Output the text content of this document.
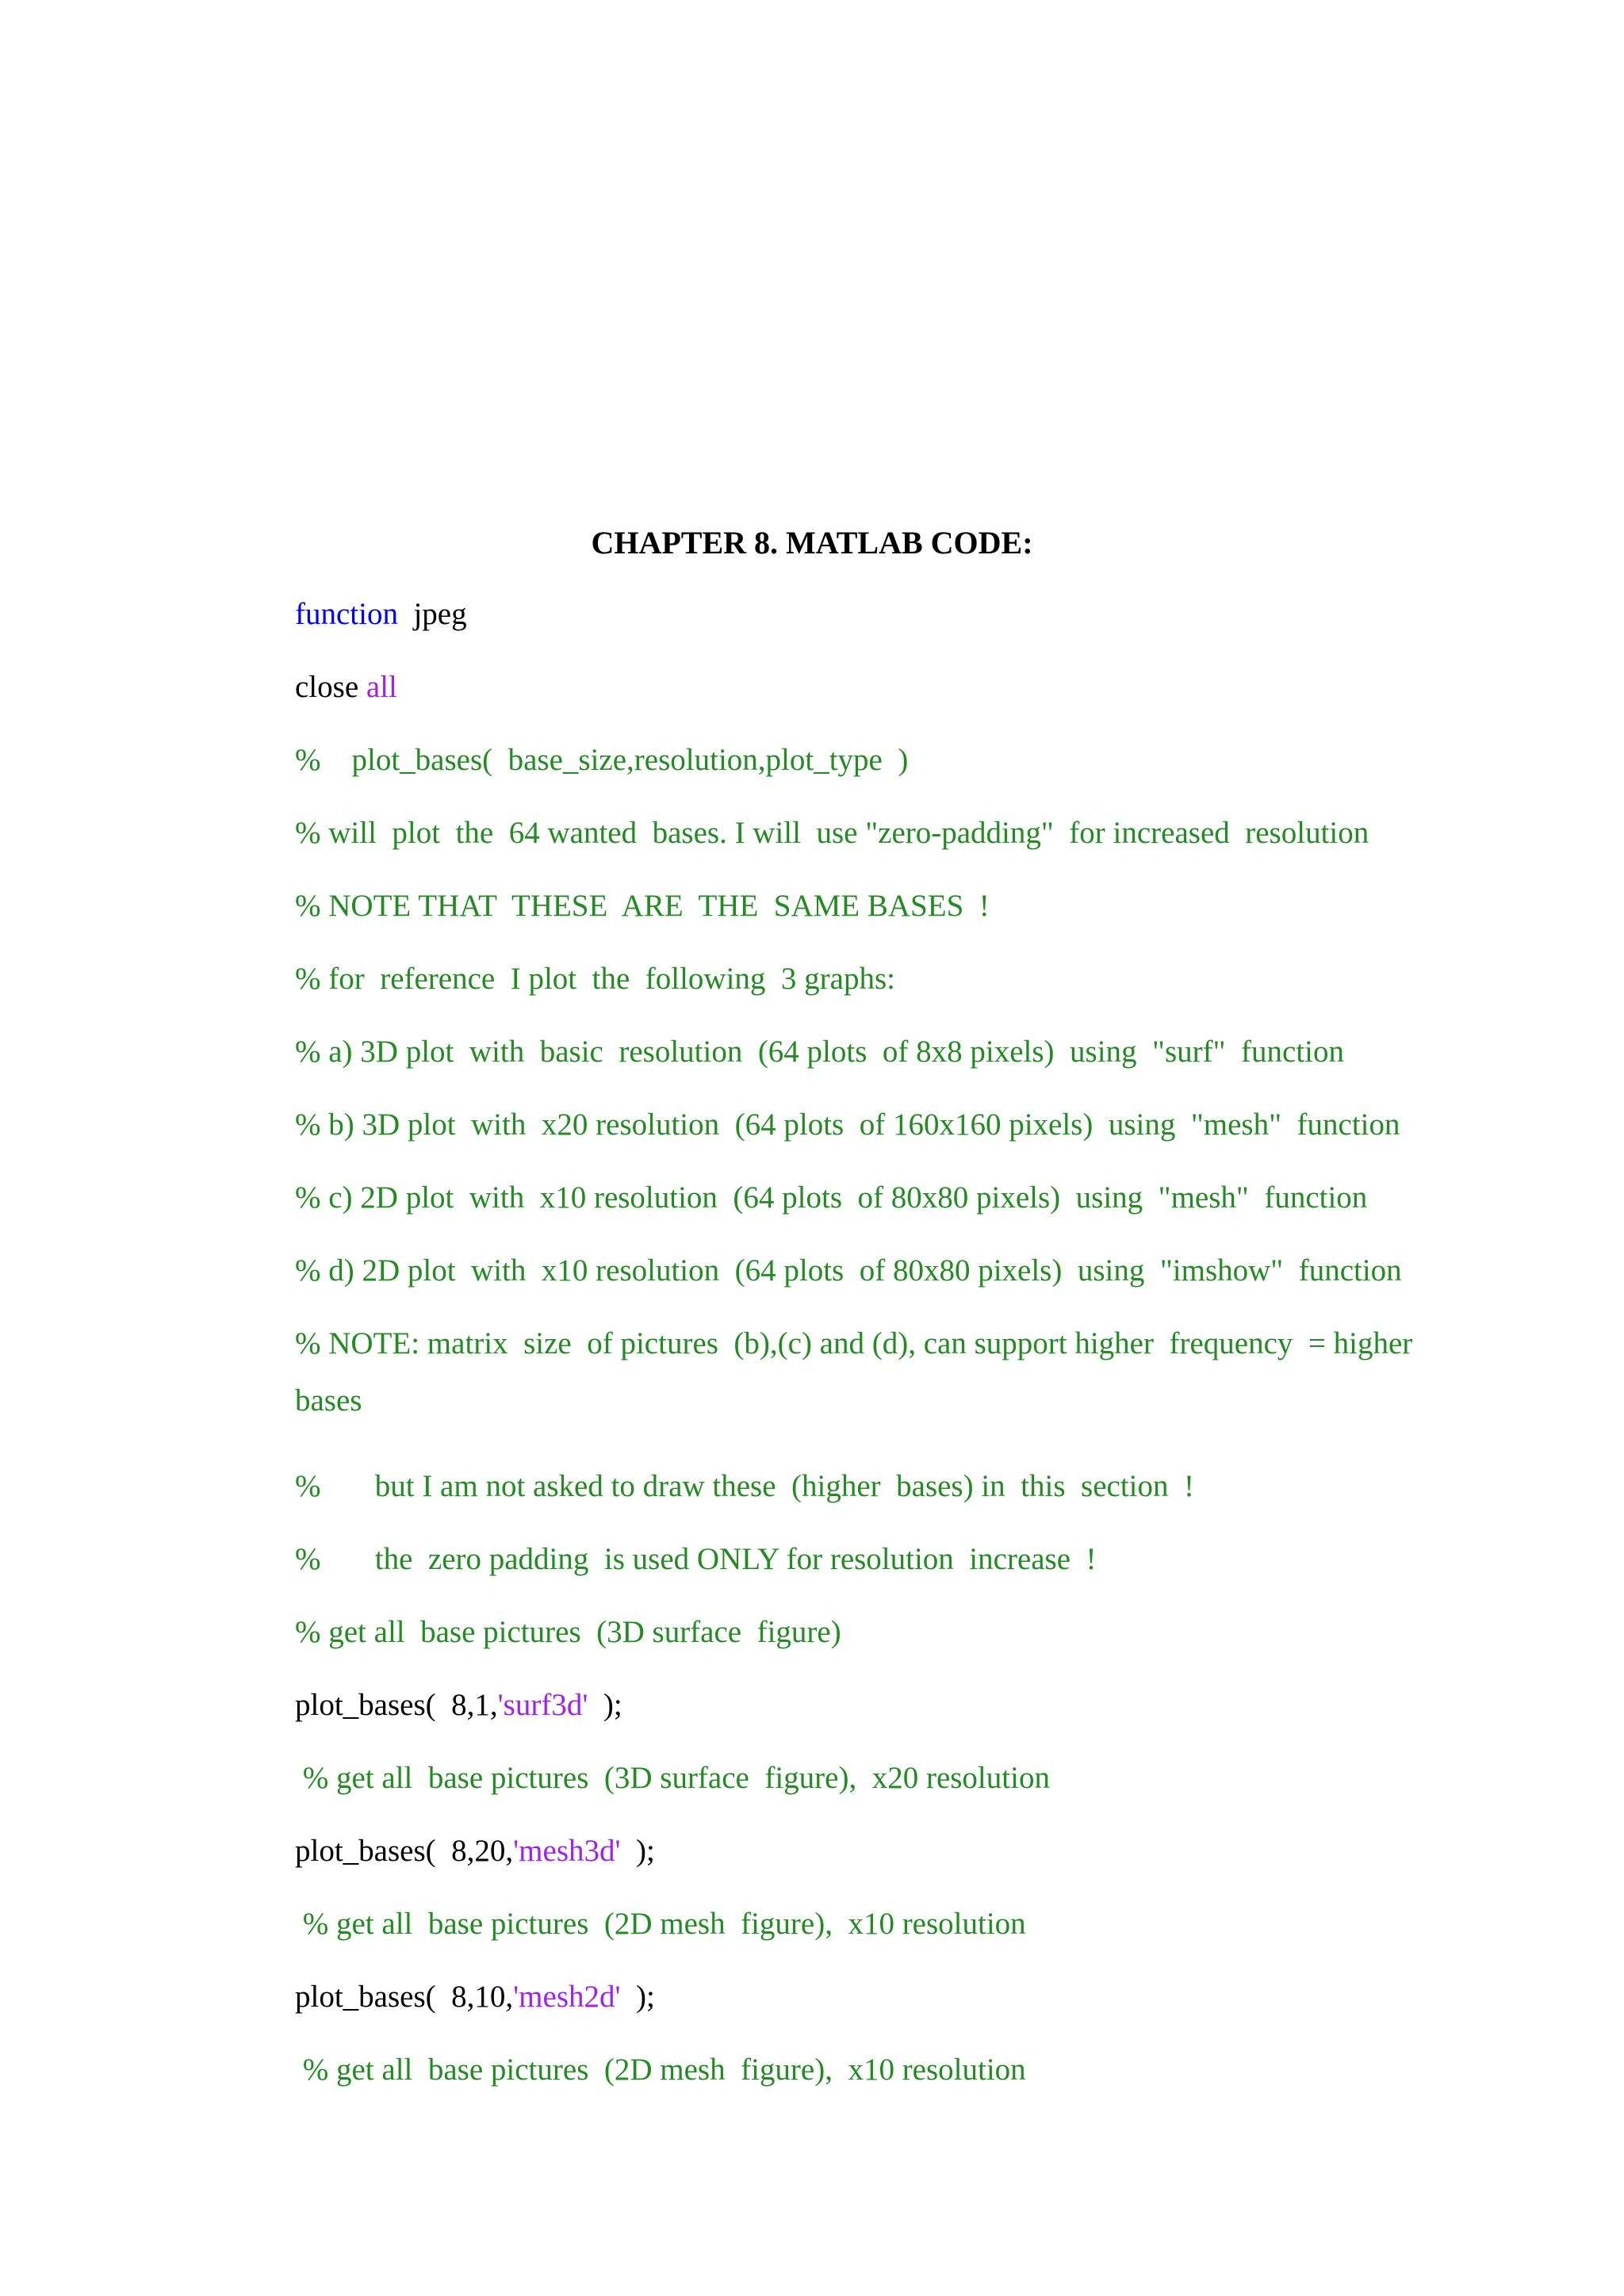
CHAPTER 8. MATLAB CODE:
function  jpeg
close all
%    plot_bases(  base_size,resolution,plot_type  )
% will  plot  the  64 wanted  bases. I will  use "zero-padding"  for increased  resolution
% NOTE THAT  THESE  ARE  THE  SAME BASES  !
% for  reference  I plot  the  following  3 graphs:
% a) 3D plot  with  basic  resolution  (64 plots  of 8x8 pixels)  using  "surf"  function
% b) 3D plot  with  x20 resolution  (64 plots  of 160x160 pixels)  using  "mesh"  function
% c) 2D plot  with  x10 resolution  (64 plots  of 80x80 pixels)  using  "mesh"  function
% d) 2D plot  with  x10 resolution  (64 plots  of 80x80 pixels)  using  "imshow"  function
% NOTE: matrix  size  of pictures  (b),(c) and (d), can support higher  frequency  = higher
bases
%       but I am not asked to draw these  (higher  bases) in  this  section  !
%       the  zero padding  is used ONLY for resolution  increase  !
% get all  base pictures  (3D surface  figure)
plot_bases(  8,1,'surf3d'  );
% get all  base pictures  (3D surface  figure),  x20 resolution
plot_bases(  8,20,'mesh3d'  );
% get all  base pictures  (2D mesh  figure),  x10 resolution
plot_bases(  8,10,'mesh2d'  );
% get all  base pictures  (2D mesh  figure),  x10 resolution
